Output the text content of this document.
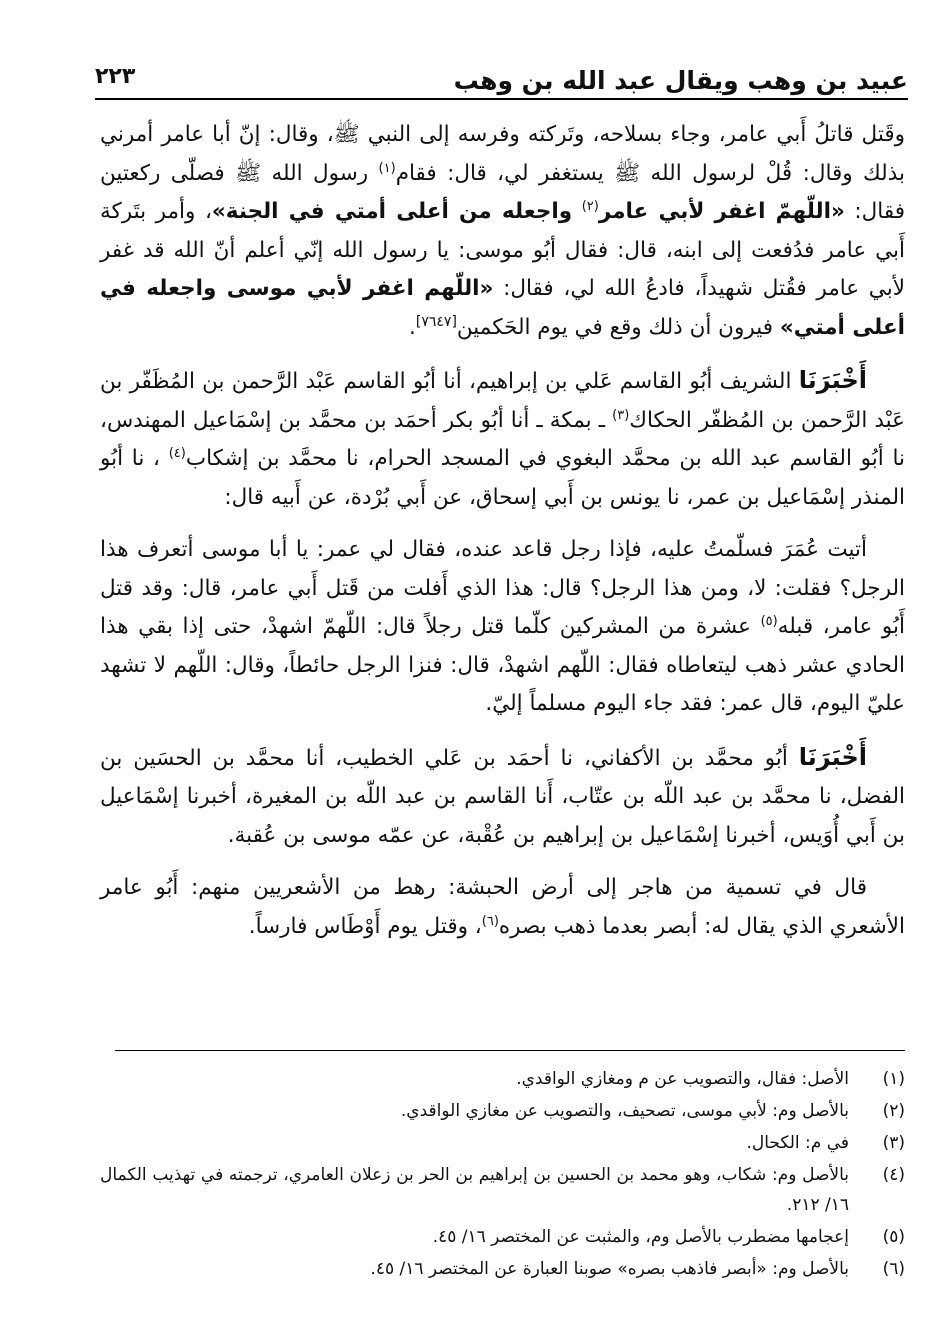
عبيد بن وهب ويقال عبد الله بن وهب
٢٢٣

وقَتل قاتلُ أَبي عامر، وجاء بسلاحه، وتَركته وفرسه إلى النبي ﷺ، وقال: إنّ أبا عامر أمرني بذلك وقال: قُلْ لرسول الله ﷺ يستغفر لي، قال: فقام$^{(١)}$ رسول الله ﷺ فصلّى ركعتين فقال: «اللّهمّ اغفر لأبي عامر$^{(٢)}$ واجعله من أعلى أمتي في الجنة»، وأمر بتَركة أَبي عامر فدُفعت إلى ابنه، قال: فقال أبُو موسى: يا رسول الله إنّي أعلم أنّ الله قد غفر لأبي عامر فقُتل شهيداً، فادعُ الله لي، فقال: «اللّهم اغفر لأبي موسى واجعله في أعلى أمتي» فيرون أن ذلك وقع في يوم الحَكمين[٧٦٤٧].

أَخْبَرَنَا الشريف أبُو القاسم عَلي بن إبراهيم، أنا أبُو القاسم عَبْد الرَّحمن بن المُظَفّر بن عَبْد الرَّحمن بن المُظفّر الحكاك$^{(٣)}$ ـ بمكة ـ أنا أبُو بكر أحمَد بن محمَّد بن إسْمَاعيل المهندس، نا أبُو القاسم عبد الله بن محمَّد البغوي في المسجد الحرام، نا محمَّد بن إشكاب$^{(٤)}$ ، نا أبُو المنذر إسْمَاعيل بن عمر، نا يونس بن أَبي إسحاق، عن أَبي بُرْدة، عن أَبيه قال:

أتيت عُمَرَ فسلّمتُ عليه، فإذا رجل قاعد عنده، فقال لي عمر: يا أبا موسى أتعرف هذا الرجل؟ فقلت: لا، ومن هذا الرجل؟ قال: هذا الذي أَفلت من قَتل أَبي عامر، قال: وقد قتل أَبُو عامر، قبله$^{(٥)}$ عشرة من المشركين كلّما قتل رجلاً قال: اللّهمّ اشهدْ، حتى إذا بقي هذا الحادي عشر ذهب ليتعاطاه فقال: اللّهم اشهدْ، قال: فنزا الرجل حائطاً، وقال: اللّهم لا تشهد عليّ اليوم، قال عمر: فقد جاء اليوم مسلماً إليّ.

أَخْبَرَنَا أبُو محمَّد بن الأكفاني، نا أحمَد بن عَلي الخطيب، أنا محمَّد بن الحسَين بن الفضل، نا محمَّد بن عبد اللّه بن عتّاب، أَنا القاسم بن عبد اللّه بن المغيرة، أخبرنا إسْمَاعيل بن أَبي أُوَيس، أخبرنا إسْمَاعيل بن إبراهيم بن عُقْبة، عن عمّه موسى بن عُقبة.

قال في تسمية من هاجر إلى أرض الحبشة: رهط من الأشعريين منهم: أَبُو عامر الأشعري الذي يقال له: أبصر بعدما ذهب بصره$^{(٦)}$، وقتل يوم أَوْطَاس فارساً.

(١)
الأصل: فقال، والتصويب عن م ومغازي الواقدي.
(٢)
بالأصل وم: لأبي موسى، تصحيف، والتصويب عن مغازي الواقدي.
(٣)
في م: الكحال.
(٤)
بالأصل وم: شكاب، وهو محمد بن الحسين بن إبراهيم بن الحر بن زعلان العامري، ترجمته في تهذيب الكمال ١٦/ ٢١٢.
(٥)
إعجامها مضطرب بالأصل وم، والمثبت عن المختصر ١٦/ ٤٥.
(٦)
بالأصل وم: «أبصر فاذهب بصره» صوبنا العبارة عن المختصر ١٦/ ٤٥.
